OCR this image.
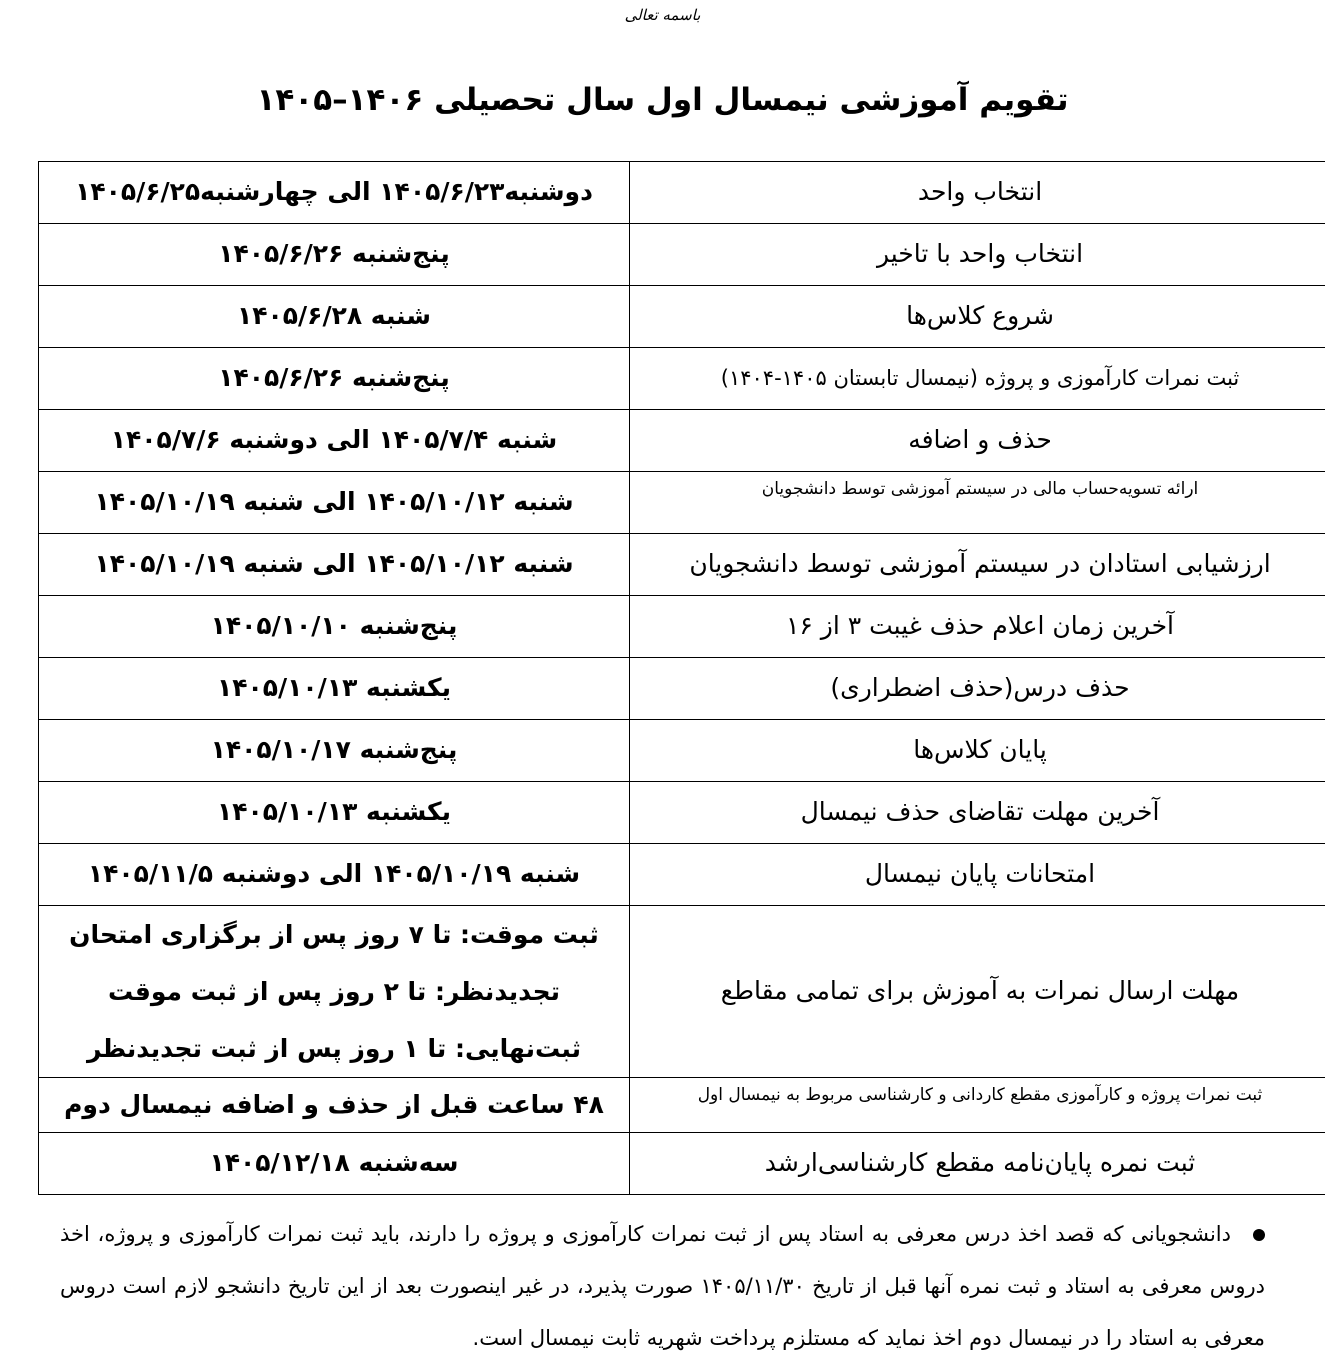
باسمه تعالی
تقویم آموزشی نیمسال اول سال تحصیلی ۱۴۰۶–۱۴۰۵
انتخاب واحد	دوشنبه۱۴۰۵/۶/۲۳ الی چهارشنبه۱۴۰۵/۶/۲۵
انتخاب واحد با تاخیر	پنج‌شنبه ۱۴۰۵/۶/۲۶
شروع کلاس‌ها	شنبه ۱۴۰۵/۶/۲۸
ثبت نمرات کارآموزی و پروژه (نیمسال تابستان ۱۴۰۵-۱۴۰۴)	پنج‌شنبه ۱۴۰۵/۶/۲۶
حذف و اضافه	شنبه ۱۴۰۵/۷/۴ الی دوشنبه ۱۴۰۵/۷/۶
ارائه تسویه‌حساب مالی در سیستم آموزشی توسط دانشجویان	شنبه ۱۴۰۵/۱۰/۱۲ الی شنبه ۱۴۰۵/۱۰/۱۹
ارزشیابی استادان در سیستم آموزشی توسط دانشجویان	شنبه ۱۴۰۵/۱۰/۱۲ الی شنبه ۱۴۰۵/۱۰/۱۹
آخرین زمان اعلام حذف غیبت ۳ از ۱۶	پنج‌شنبه ۱۴۰۵/۱۰/۱۰
حذف درس(حذف اضطراری)	یکشنبه ۱۴۰۵/۱۰/۱۳
پایان کلاس‌ها	پنج‌شنبه ۱۴۰۵/۱۰/۱۷
آخرین مهلت تقاضای حذف نیمسال	یکشنبه ۱۴۰۵/۱۰/۱۳
امتحانات پایان نیمسال	شنبه ۱۴۰۵/۱۰/۱۹ الی دوشنبه ۱۴۰۵/۱۱/۵
مهلت ارسال نمرات به آموزش برای تمامی مقاطع	ثبت موقت: تا ۷ روز پس از برگزاری امتحان
تجدیدنظر: تا ۲ روز پس از ثبت موقت
ثبت‌نهایی: تا ۱ روز پس از ثبت تجدیدنظر

ثبت نمرات پروژه و کارآموزی مقطع کاردانی و کارشناسی مربوط به نیمسال اول	۴۸ ساعت قبل از حذف و اضافه نیمسال دوم
ثبت نمره پایان‌نامه مقطع کارشناسی‌ارشد	سه‌شنبه ۱۴۰۵/۱۲/۱۸
دانشجویانی که قصد اخذ درس معرفی به استاد پس از ثبت نمرات کارآموزی و پروژه را دارند، باید ثبت نمرات کارآموزی و پروژه، اخذ دروس معرفی به استاد و ثبت نمره آنها قبل از تاریخ ۱۴۰۵/۱۱/۳۰ صورت پذیرد، در غیر اینصورت بعد از این تاریخ دانشجو لازم است دروس معرفی به استاد را در نیمسال دوم اخذ نماید که مستلزم پرداخت شهریه ثابت نیمسال است.
